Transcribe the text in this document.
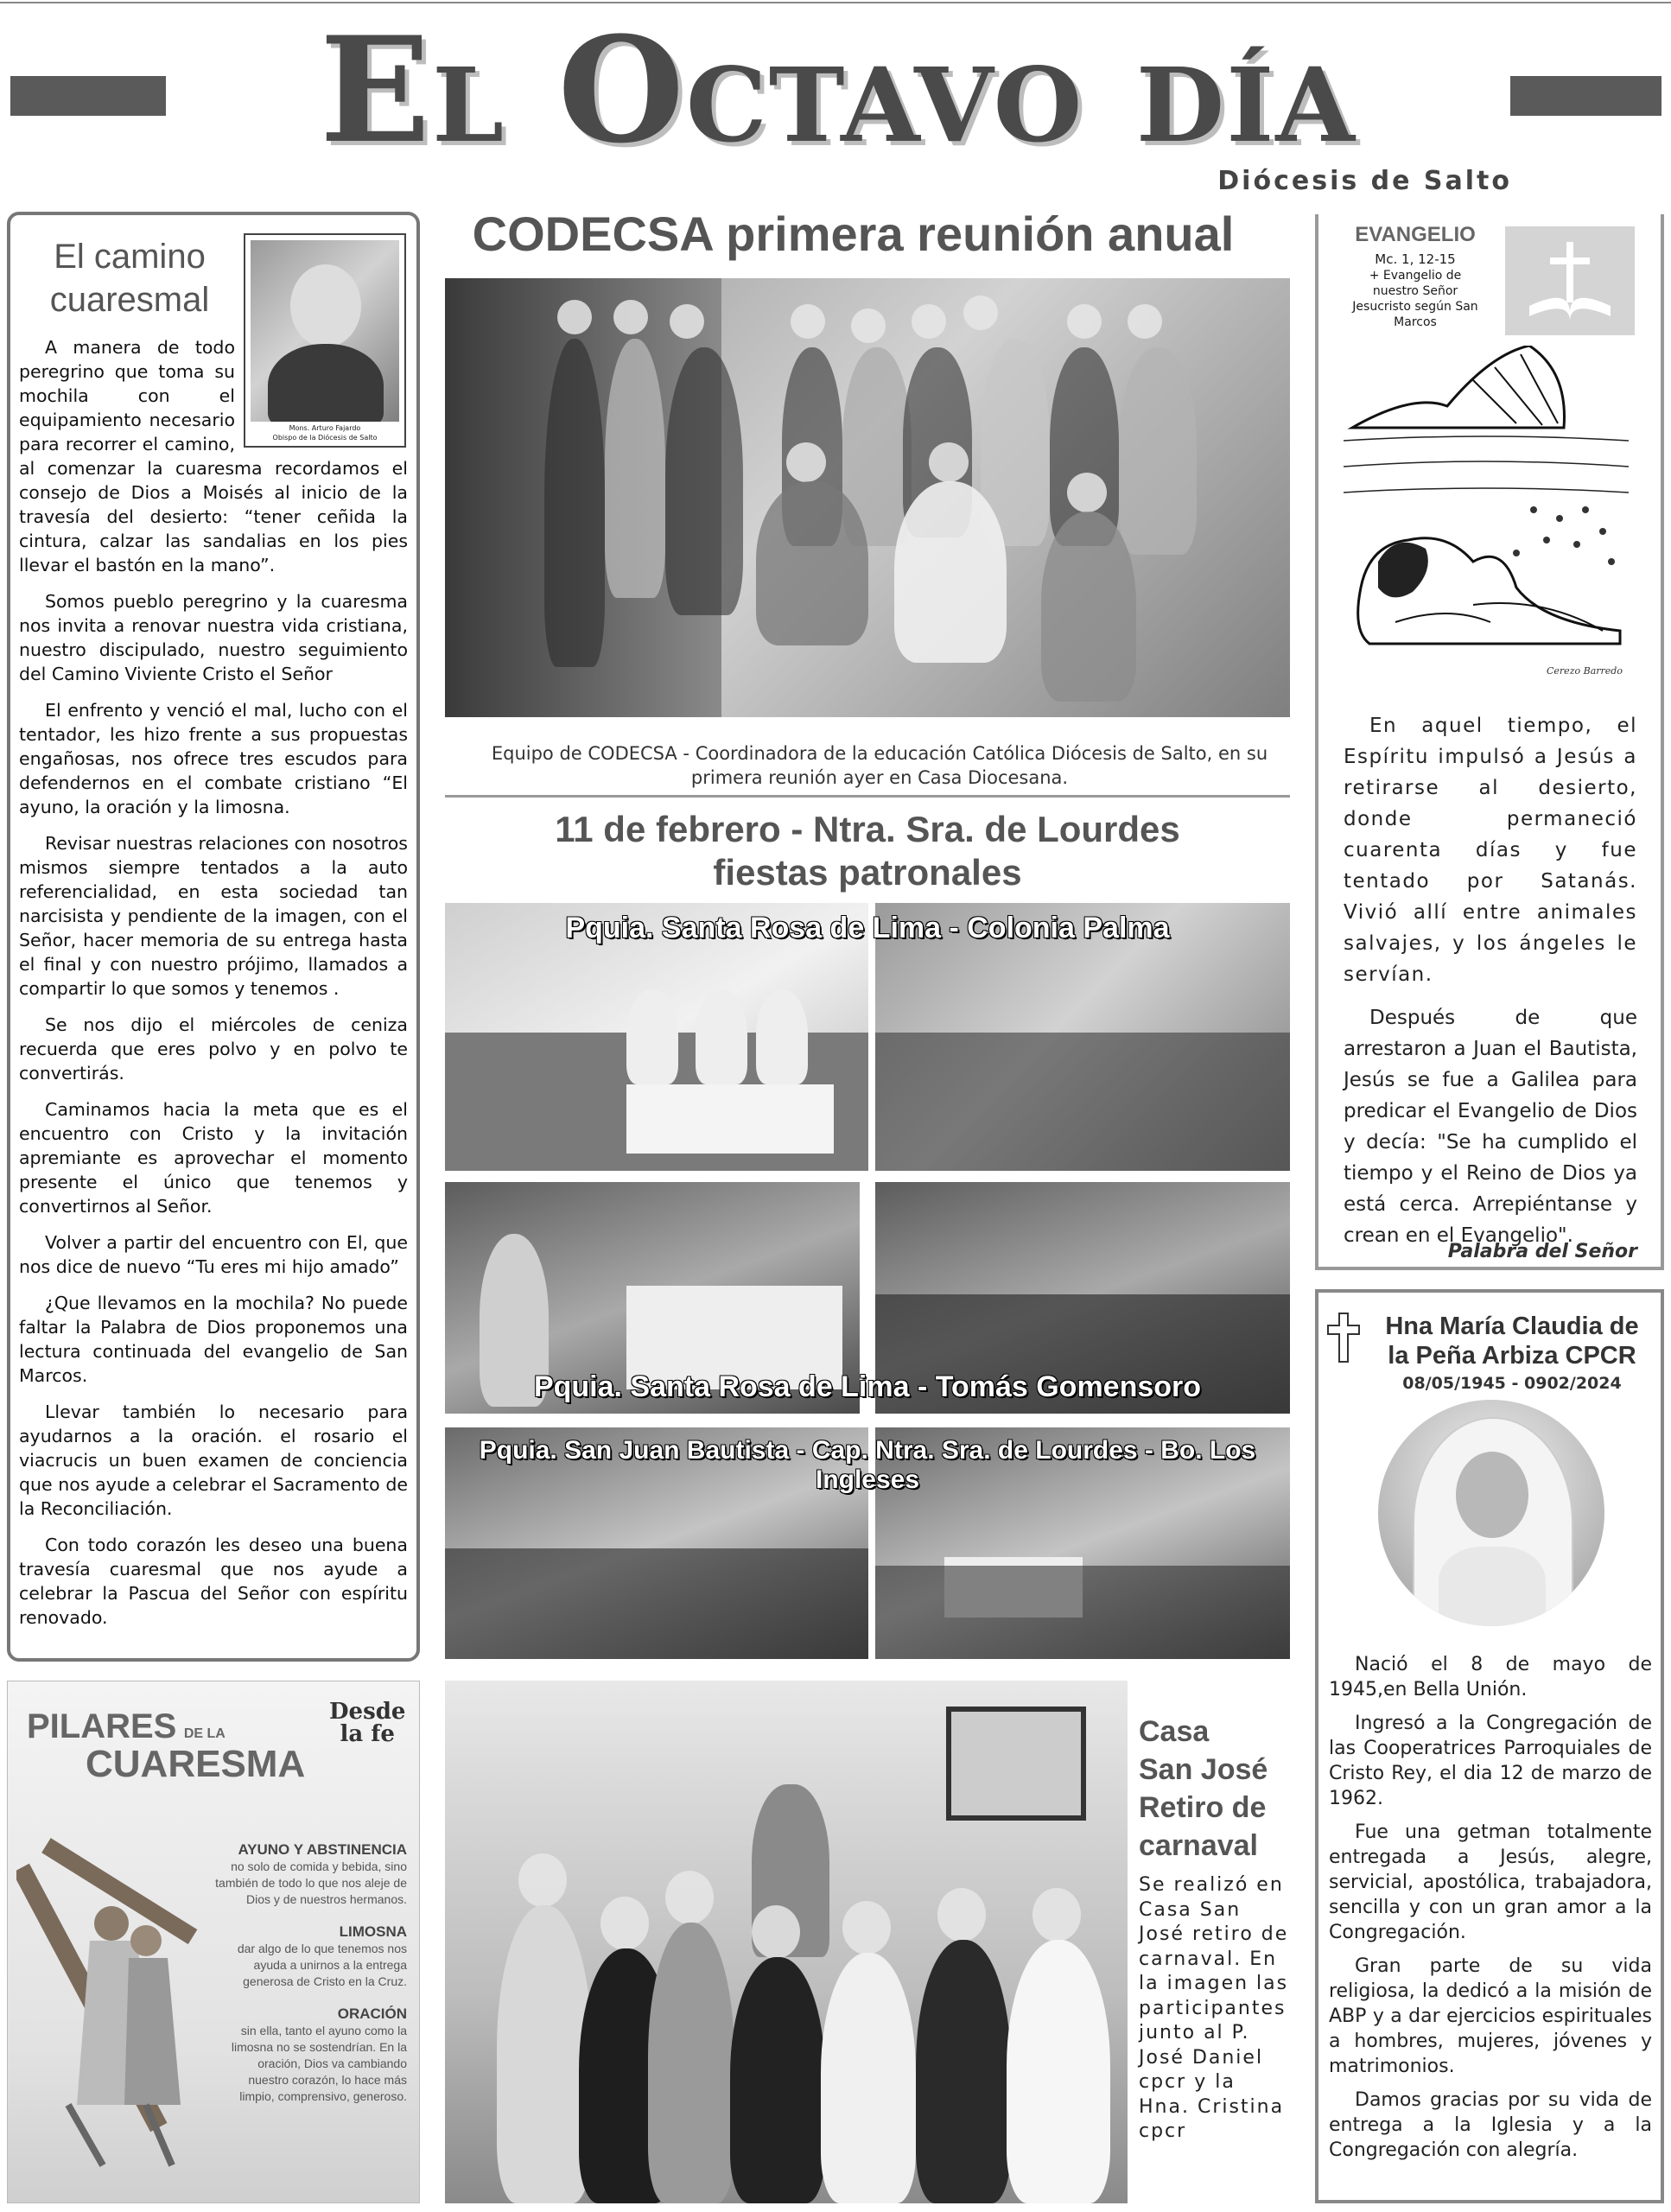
El Octavo día
Diócesis de Salto
El camino
cuaresmal
Mons. Arturo Fajardo
Obispo de la Diócesis de Salto

A manera de todo peregrino que toma su mochila con el equipamiento necesario para recorrer el camino, al comenzar la cuaresma recordamos el consejo de Dios a Moisés al inicio de la travesía del desierto: “tener ceñida la cintura, calzar las sandalias en los pies llevar el bastón en la mano”.

Somos pueblo peregrino y la cuaresma nos invita a renovar nuestra vida cristiana, nuestro discipulado, nuestro seguimiento del Camino Viviente Cristo el Señor

El enfrento y venció el mal, lucho con el tentador, les hizo frente a sus propuestas engañosas, nos ofrece tres escudos para defendernos en el combate cristiano “El ayuno, la oración y la limosna.

Revisar nuestras relaciones con nosotros mismos siempre tentados a la auto referencialidad, en esta sociedad tan narcisista y pendiente de la imagen, con el Señor, hacer memoria de su entrega hasta el final y con nuestro prójimo, llamados a compartir lo que somos y tenemos .

Se nos dijo el miércoles de ceniza recuerda que eres polvo y en polvo te convertirás.

Caminamos hacia la meta que es el encuentro con Cristo y la invitación apremiante es aprovechar el momento presente el único que tenemos y convertirnos al Señor.

Volver a partir del encuentro con El, que nos dice de nuevo “Tu eres mi hijo amado”

¿Que llevamos en la mochila? No puede faltar la Palabra de Dios proponemos una lectura continuada del evangelio de San Marcos.

Llevar también lo necesario para ayudarnos a la oración. el rosario el viacrucis un buen examen de conciencia que nos ayude a celebrar el Sacramento de la Reconciliación.

Con todo corazón les deseo una buena travesía cuaresmal que nos ayude a celebrar la Pascua del Señor con espíritu renovado.

PILARES DE LA
CUARESMA
Desde
la fe
AYUNO Y ABSTINENCIA
no solo de comida y bebida, sino también de todo lo que nos aleje de Dios y de nuestros hermanos.
LIMOSNA
dar algo de lo que tenemos nos ayuda a unirnos a la entrega generosa de Cristo en la Cruz.
ORACIÓN
sin ella, tanto el ayuno como la limosna no se sostendrían. En la oración, Dios va cambiando nuestro corazón, lo hace más limpio, comprensivo, generoso.
CODECSA primera reunión anual
Equipo de CODECSA - Coordinadora de la educación Católica Diócesis de Salto, en su primera reunión ayer en Casa Diocesana.
11 de febrero - Ntra. Sra. de Lourdes
fiestas patronales
Pquia. Santa Rosa de Lima - Colonia Palma
Pquia. Santa Rosa de Lima - Tomás Gomensoro
Pquia. San Juan Bautista - Cap. Ntra. Sra. de Lourdes - Bo. Los Ingleses
Casa
San José
Retiro de
carnaval
Se realizó en Casa San José retiro de carnaval. En la imagen las participantes junto al P. José Daniel cpcr y la Hna. Cristina cpcr
EVANGELIO
Mc. 1, 12-15
+ Evangelio de nuestro Señor Jesucristo según San Marcos
Cerezo Barredo

En aquel tiempo, el Espíritu impulsó a Jesús a retirarse al desierto, donde permaneció cuarenta días y fue tentado por Satanás. Vivió allí entre animales salvajes, y los ángeles le servían.

Después de que arrestaron a Juan el Bautista, Jesús se fue a Galilea para predicar el Evangelio de Dios y decía: "Se ha cumplido el tiempo y el Reino de Dios ya está cerca. Arrepiéntanse y crean en el Evangelio".

Palabra del Señor
Hna María Claudia de
la Peña Arbiza CPCR
08/05/1945 - 0902/2024

Nació el 8 de mayo de 1945,en Bella Unión.

Ingresó a la Congregación de las Cooperatrices Parroquiales de Cristo Rey, el dia 12 de marzo de 1962.

Fue una getman totalmente entregada a Jesús, alegre, servicial, apostólica, trabajadora, sencilla y con un gran amor a la Congregación.

Gran parte de su vida religiosa, la dedicó a la misión de ABP y a dar ejercicios espirituales a hombres, mujeres, jóvenes y matrimonios.

Damos gracias por su vida de entrega a la Iglesia y a la Congregación con alegría.
